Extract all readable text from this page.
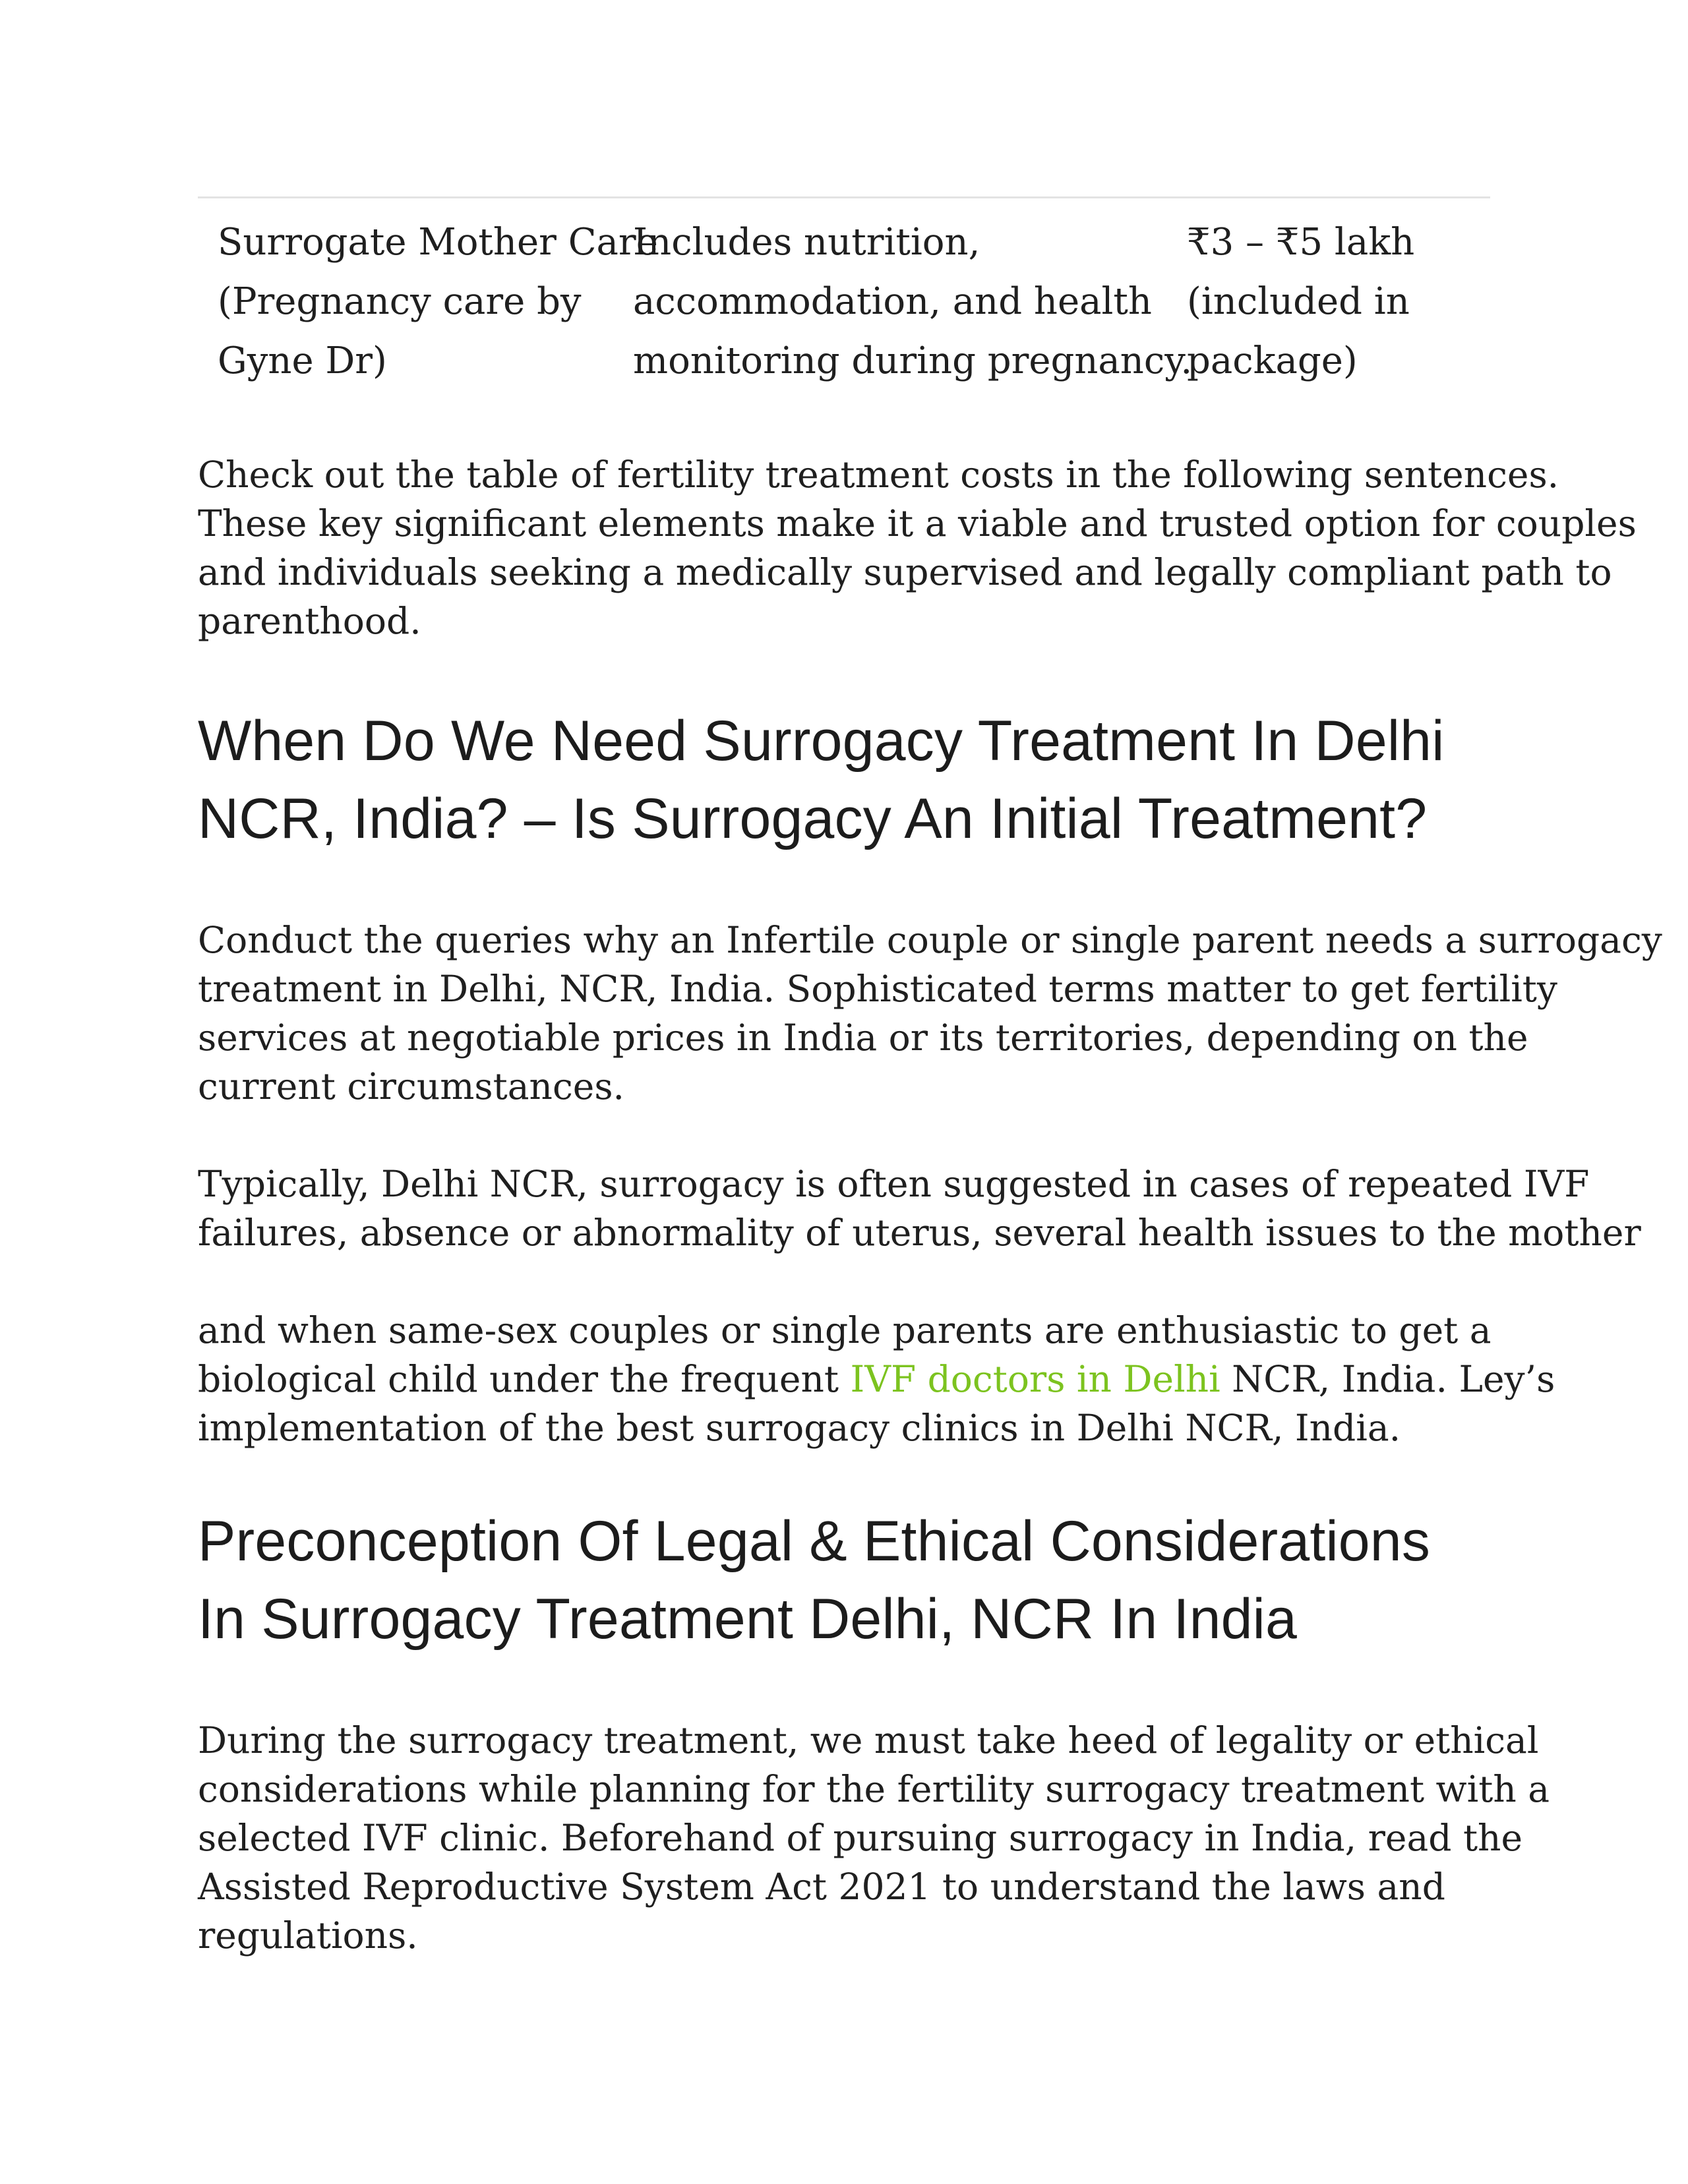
Surrogate Mother Care
(Pregnancy care by
Gyne Dr)
Includes nutrition,
accommodation, and health
monitoring during pregnancy.
₹3 – ₹5 lakh
(included in
package)

Check out the table of fertility treatment costs in the following sentences.
These key significant elements make it a viable and trusted option for couples
and individuals seeking a medically supervised and legally compliant path to
parenthood.

When Do We Need Surrogacy Treatment In Delhi
NCR, India? – Is Surrogacy An Initial Treatment?

Conduct the queries why an Infertile couple or single parent needs a surrogacy
treatment in Delhi, NCR, India. Sophisticated terms matter to get fertility
services at negotiable prices in India or its territories, depending on the
current circumstances.

Typically, Delhi NCR, surrogacy is often suggested in cases of repeated IVF
failures, absence or abnormality of uterus, several health issues to the mother

and when same-sex couples or single parents are enthusiastic to get a
biological child under the frequent IVF doctors in Delhi NCR, India. Ley’s
implementation of the best surrogacy clinics in Delhi NCR, India.

Preconception Of Legal & Ethical Considerations
In Surrogacy Treatment Delhi, NCR In India

During the surrogacy treatment, we must take heed of legality or ethical
considerations while planning for the fertility surrogacy treatment with a
selected IVF clinic. Beforehand of pursuing surrogacy in India, read the
Assisted Reproductive System Act 2021 to understand the laws and
regulations.
